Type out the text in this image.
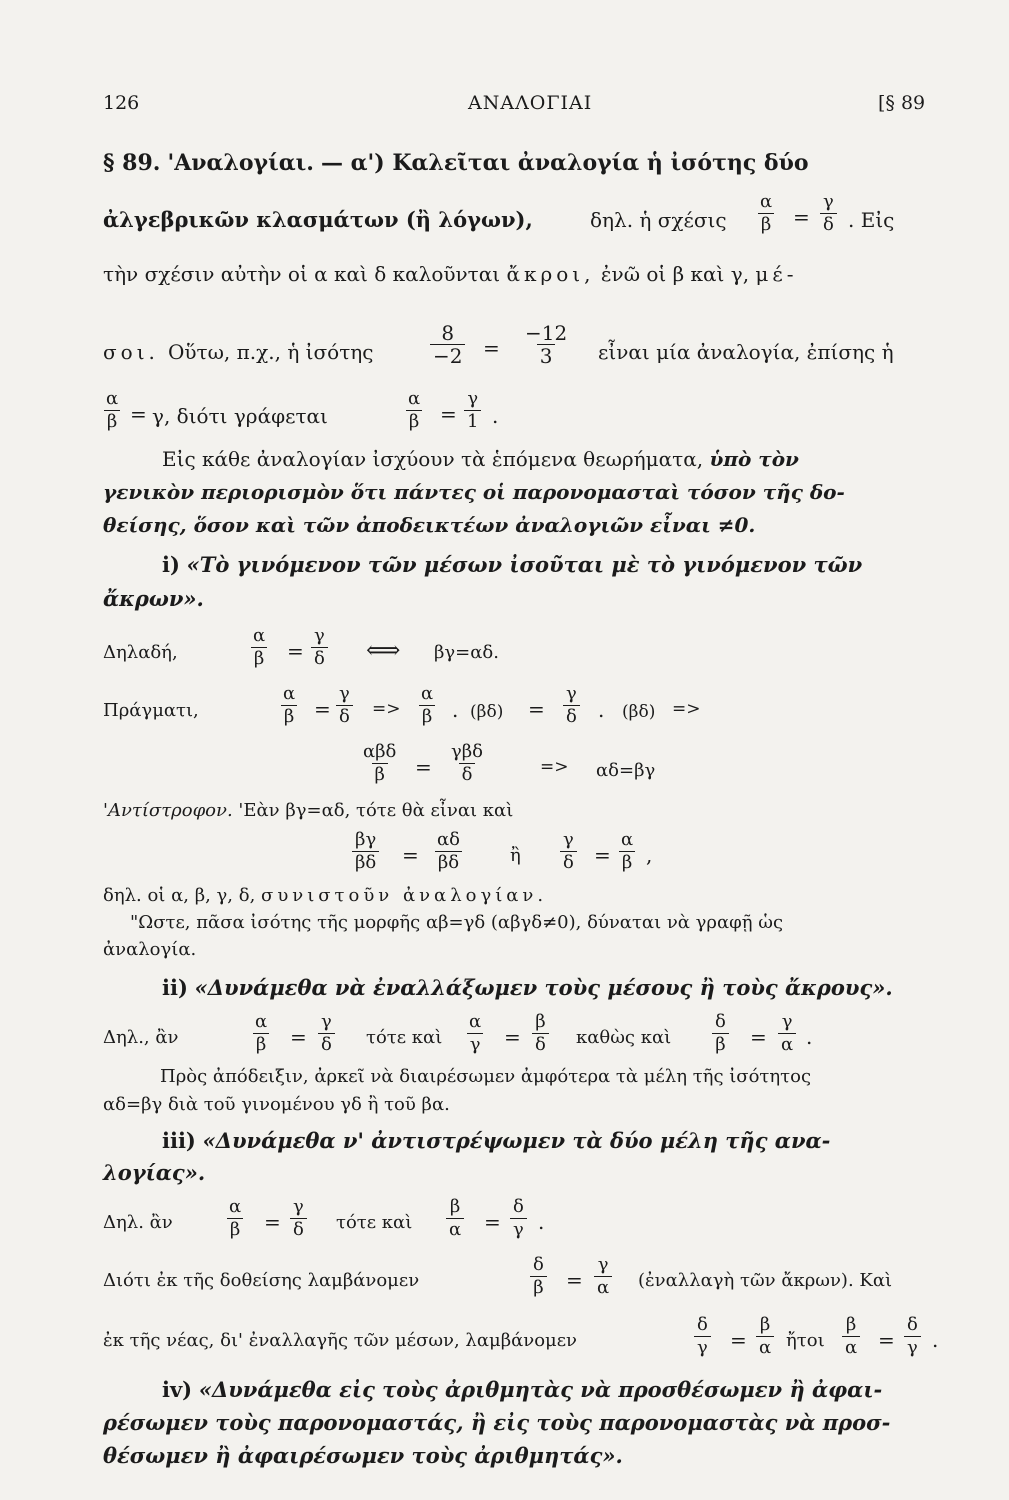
126	ΑΝΑΛΟΓΙΑΙ	[§ 89
§ 89. 'Αναλογίαι. — α') Καλεῖται ἀναλογία ἡ ἰσότης δύο
ἀλγεβρικῶν κλασμάτων (ἢ λόγων),	δηλ. ἡ σχέσις $\frac{\alpha}{\beta} = \frac{\gamma}{\delta}$ . Εἰς
τὴν σχέσιν αὐτὴν οἱ α καὶ δ καλοῦνται ἄκροι, ἐνῶ οἱ β καὶ γ, μέ-
σοι. Οὕτω, π.χ., ἡ ἰσότης	$\frac{8}{-2} = \frac{-12}{3}$ εἶναι μία ἀναλογία, ἐπίσης ἡ
$\frac{\alpha}{\beta} = \gamma$, διότι γράφεται	$\frac{\alpha}{\beta} = \frac{\gamma}{1}$ .
Εἰς κάθε ἀναλογίαν ἰσχύουν τὰ ἑπόμενα θεωρήματα, ὑπὸ τὸν
γενικὸν περιορισμὸν ὅτι πάντες οἱ παρονομασταὶ τόσον τῆς δο-
θείσης, ὅσον καὶ τῶν ἀποδεικτέων ἀναλογιῶν εἶναι ≠0.
i) «Τὸ γινόμενον τῶν μέσων ἰσοῦται μὲ τὸ γινόμενον τῶν
ἄκρων».
Δηλαδή,	$\frac{\alpha}{\beta} = \frac{\gamma}{\delta}$ ⟺ βγ=αδ.
Πράγματι,	$\frac{\alpha}{\beta} = \frac{\gamma}{\delta} => \frac{\alpha}{\beta}$ . $(\beta\delta) = \frac{\gamma}{\delta}$ . (βδ) =>
αβδ
β =
γβδ
δ	=> αδ=βγ
'Αντίστροφον. 'Εὰν βγ=αδ, τότε θὰ εἶναι καὶ
$\frac{\beta\gamma}{\beta\delta} = \frac{\alpha\delta}{\beta\delta}$	ἢ $\frac{\gamma}{\delta} = \frac{\alpha}{\beta}$ ,
δηλ. οἱ α, β, γ, δ, συνιστοῦν ἀναλογίαν.
"Ωστε, πᾶσα ἰσότης τῆς μορφῆς αβ=γδ (αβγδ≠0), δύναται νὰ γραφῇ ὡς
ἀναλογία.
ii) «Δυνάμεθα νὰ ἐναλλάξωμεν τοὺς μέσους ἢ τοὺς ἄκρους».
Δηλ., ἂν	$\frac{\alpha}{\beta} = \frac{\gamma}{\delta}$ τότε καὶ $\frac{\alpha}{\gamma} = \frac{\beta}{\delta}$ καθὼς καὶ $\frac{\delta}{\beta} = \frac{\gamma}{\alpha}$ .
Πρὸς ἀπόδειξιν, ἀρκεῖ νὰ διαιρέσωμεν ἀμφότερα τὰ μέλη τῆς ἰσότητος
αδ=βγ διὰ τοῦ γινομένου γδ ἢ τοῦ βα.
iii) «Δυνάμεθα ν' ἀντιστρέψωμεν τὰ δύο μέλη τῆς ανα-
λογίας».
Δηλ. ἂν	$\frac{\alpha}{\beta} = \frac{\gamma}{\delta}$ τότε καὶ $\frac{\beta}{\alpha} = \frac{\delta}{\gamma}$ .
Διότι ἐκ τῆς δοθείσης λαμβάνομεν	$\frac{\delta}{\beta} = \frac{\gamma}{\alpha}$ (ἐναλλαγὴ τῶν ἄκρων). Καὶ
ἐκ τῆς νέας, δι' ἐναλλαγῆς τῶν μέσων, λαμβάνομεν	$\frac{\delta}{\gamma} = \frac{\beta}{\alpha}$ ἤτοι $\frac{\beta}{\alpha} = \frac{\delta}{\gamma}$ .
iv) «Δυνάμεθα εἰς τοὺς ἀριθμητὰς νὰ προσθέσωμεν ἢ ἀφαι-
ρέσωμεν τοὺς παρονομαστάς, ἢ εἰς τοὺς παρονομαστὰς νὰ προσ-
θέσωμεν ἢ ἀφαιρέσωμεν τοὺς ἀριθμητάς».
